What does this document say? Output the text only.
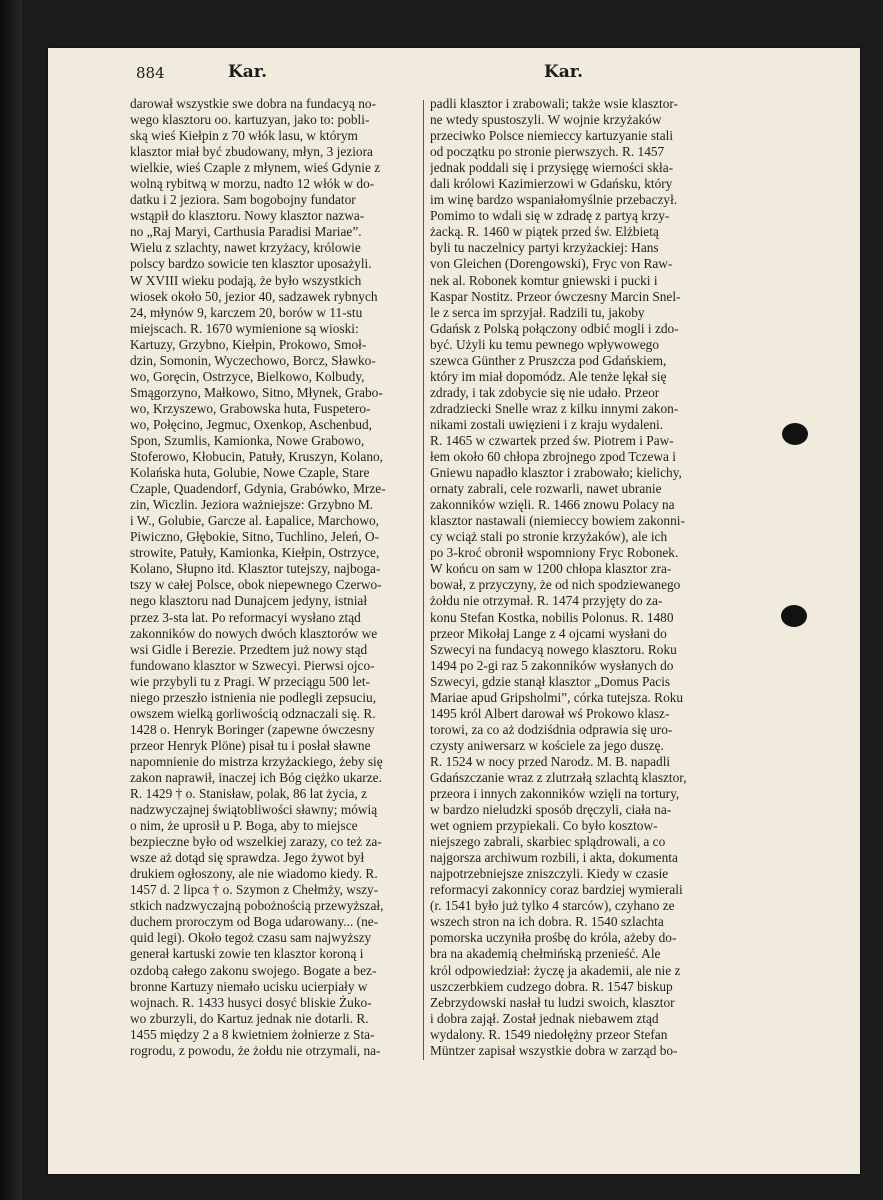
884	Kar.	Kar.
darował wszystkie swe dobra na fundacyą no-
wego klasztoru oo. kartuzyan, jako to: pobli-
ską wieś Kiełpin z 70 włók lasu, w którym
klasztor miał być zbudowany, młyn, 3 jeziora
wielkie, wieś Czaple z młynem, wieś Gdynie z
wolną rybitwą w morzu, nadto 12 włók w do-
datku i 2 jeziora. Sam bogobojny fundator
wstąpił do klasztoru. Nowy klasztor nazwa-
no „Raj Maryi, Carthusia Paradisi Mariae”.
Wielu z szlachty, nawet krzyżacy, królowie
polscy bardzo sowicie ten klasztor uposażyli.
W XVIII wieku podają, że było wszystkich
wiosek około 50, jezior 40, sadzawek rybnych
24, młynów 9, karczem 20, borów w 11-stu
miejscach. R. 1670 wymienione są wioski:
Kartuzy, Grzybno, Kiełpin, Prokowo, Smoł-
dzin, Somonin, Wyczechowo, Borcz, Sławko-
wo, Goręcin, Ostrzyce, Bielkowo, Kolbudy,
Smągorzyno, Małkowo, Sitno, Młynek, Grabo-
wo, Krzyszewo, Grabowska huta, Fuspetero-
wo, Połęcino, Jegmuc, Oxenkop, Aschenbud,
Spon, Szumlis, Kamionka, Nowe Grabowo,
Stoferowo, Kłobucin, Patuły, Kruszyn, Kolano,
Kolańska huta, Golubie, Nowe Czaple, Stare
Czaple, Quadendorf, Gdynia, Grabówko, Mrze-
zin, Wiczlin. Jeziora ważniejsze: Grzybno M.
i W., Golubie, Garcze al. Łapalice, Marchowo,
Piwiczno, Głębokie, Sitno, Tuchlino, Jeleń, O-
strowite, Patuły, Kamionka, Kiełpin, Ostrzyce,
Kolano, Słupno itd. Klasztor tutejszy, najboga-
tszy w całej Polsce, obok niepewnego Czerwo-
nego klasztoru nad Dunajcem jedyny, istniał
przez 3-sta lat. Po reformacyi wysłano ztąd
zakonników do nowych dwóch klasztorów we
wsi Gidle i Berezie. Przedtem już nowy stąd
fundowano klasztor w Szwecyi. Pierwsi ojco-
wie przybyli tu z Pragi. W przeciągu 500 let-
niego przeszło istnienia nie podlegli zepsuciu,
owszem wielką gorliwością odznaczali się. R.
1428 o. Henryk Boringer (zapewne ówczesny
przeor Henryk Plöne) pisał tu i posłał sławne
napomnienie do mistrza krzyżackiego, żeby się
zakon naprawił, inaczej ich Bóg ciężko ukarze.
R. 1429 † o. Stanisław, polak, 86 lat życia, z
nadzwyczajnej świątobliwości sławny; mówią
o nim, że uprosił u P. Boga, aby to miejsce
bezpieczne było od wszelkiej zarazy, co też za-
wsze aż dotąd się sprawdza. Jego żywot był
drukiem ogłoszony, ale nie wiadomo kiedy. R.
1457 d. 2 lipca † o. Szymon z Chełmży, wszy-
stkich nadzwyczajną pobożnością przewyższał,
duchem proroczym od Boga udarowany... (ne-
quid legi). Około tegoż czasu sam najwyższy
generał kartuski zowie ten klasztor koroną i
ozdobą całego zakonu swojego. Bogate a bez-
bronne Kartuzy niemało ucisku ucierpiały w
wojnach. R. 1433 husyci dosyć bliskie Żuko-
wo zburzyli, do Kartuz jednak nie dotarli. R.
1455 między 2 a 8 kwietniem żołnierze z Sta-
rogrodu, z powodu, że żołdu nie otrzymali, na-
padli klasztor i zrabowali; także wsie klasztor-
ne wtedy spustoszyli. W wojnie krzyżaków
przeciwko Polsce niemieccy kartuzyanie stali
od początku po stronie pierwszych. R. 1457
jednak poddali się i przysięgę wierności skła-
dali królowi Kazimierzowi w Gdańsku, który
im winę bardzo wspaniałomyślnie przebaczył.
Pomimo to wdali się w zdradę z partyą krzy-
żacką. R. 1460 w piątek przed św. Elżbietą
byli tu naczelnicy partyi krzyżackiej: Hans
von Gleichen (Dorengowski), Fryc von Raw-
nek al. Robonek komtur gniewski i pucki i
Kaspar Nostitz. Przeor ówczesny Marcin Snel-
le z serca im sprzyjał. Radzili tu, jakoby
Gdańsk z Polską połączony odbić mogli i zdo-
być. Użyli ku temu pewnego wpływowego
szewca Günther z Pruszcza pod Gdańskiem,
który im miał dopomódz. Ale tenże lękał się
zdrady, i tak zdobycie się nie udało. Przeor
zdradziecki Snelle wraz z kilku innymi zakon-
nikami zostali uwięzieni i z kraju wydaleni.
R. 1465 w czwartek przed św. Piotrem i Paw-
łem około 60 chłopa zbrojnego zpod Tczewa i
Gniewu napadło klasztor i zrabowało; kielichy,
ornaty zabrali, cele rozwarli, nawet ubranie
zakonników wzięli. R. 1466 znowu Polacy na
klasztor nastawali (niemieccy bowiem zakonni-
cy wciąż stali po stronie krzyżaków), ale ich
po 3-kroć obronił wspomniony Fryc Robonek.
W końcu on sam w 1200 chłopa klasztor zra-
bował, z przyczyny, że od nich spodziewanego
żołdu nie otrzymał. R. 1474 przyjęty do za-
konu Stefan Kostka, nobilis Polonus. R. 1480
przeor Mikołaj Lange z 4 ojcami wysłani do
Szwecyi na fundacyą nowego klasztoru. Roku
1494 po 2-gi raz 5 zakonników wysłanych do
Szwecyi, gdzie stanął klasztor „Domus Pacis
Mariae apud Gripsholmi”, córka tutejsza. Roku
1495 król Albert darował wś Prokowo klasz-
torowi, za co aż dodziśdnia odprawia się uro-
czysty aniwersarz w kościele za jego duszę.
R. 1524 w nocy przed Narodz. M. B. napadli
Gdańszczanie wraz z zlutrzałą szlachtą klasztor,
przeora i innych zakonników wzięli na tortury,
w bardzo nieludzki sposób dręczyli, ciała na-
wet ogniem przypiekali. Co było kosztow-
niejszego zabrali, skarbiec splądrowali, a co
najgorsza archiwum rozbili, i akta, dokumenta
najpotrzebniejsze zniszczyli. Kiedy w czasie
reformacyi zakonnicy coraz bardziej wymierali
(r. 1541 było już tylko 4 starców), czyhano ze
wszech stron na ich dobra. R. 1540 szlachta
pomorska uczyniła prośbę do króla, ażeby do-
bra na akademią chełmińską przenieść. Ale
król odpowiedział: życzę ja akademii, ale nie z
uszczerbkiem cudzego dobra. R. 1547 biskup
Zebrzydowski nasłał tu ludzi swoich, klasztor
i dobra zajął. Został jednak niebawem ztąd
wydalony. R. 1549 niedołężny przeor Stefan
Müntzer zapisał wszystkie dobra w zarząd bo-
